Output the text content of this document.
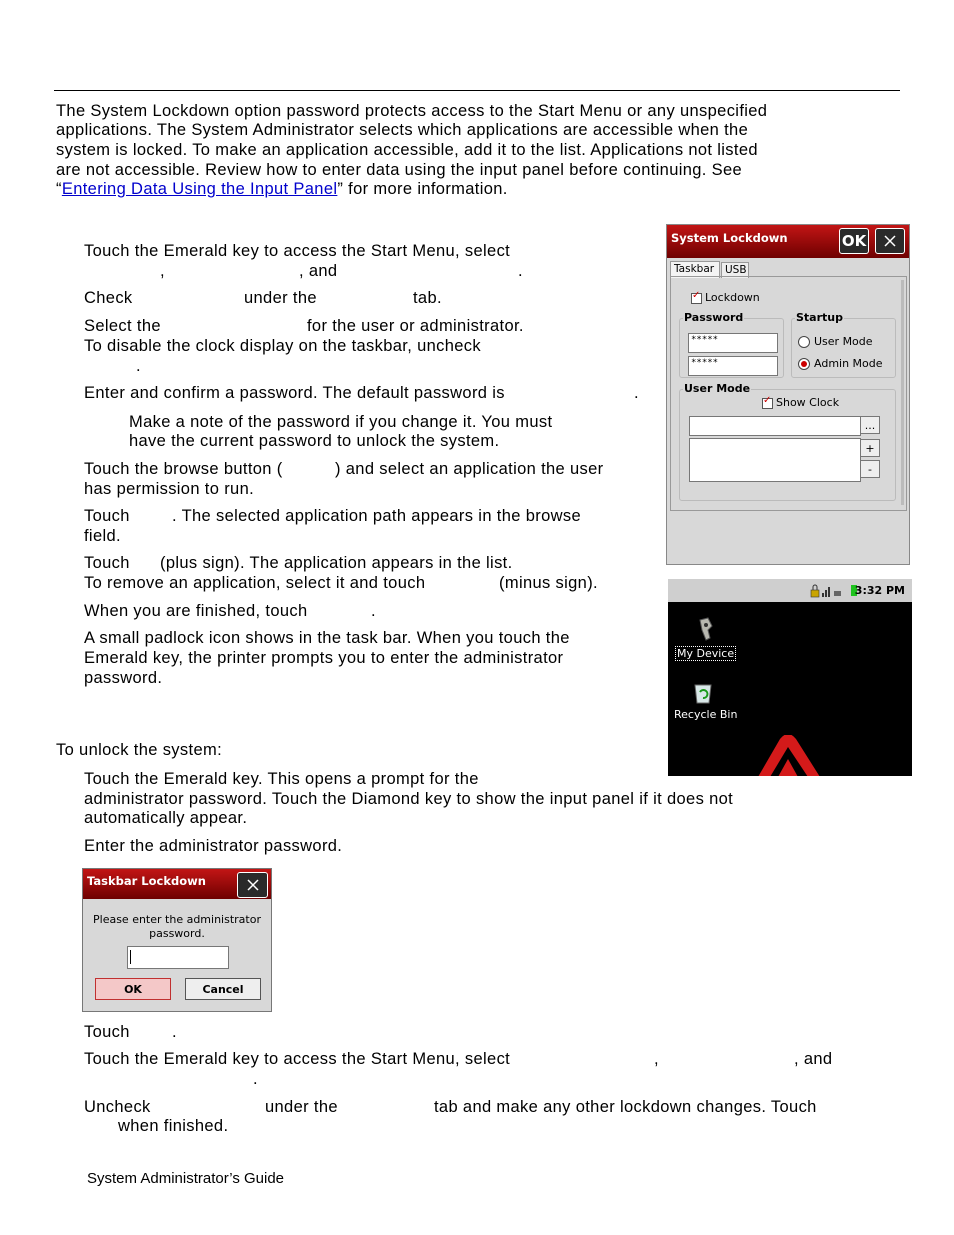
The System Lockdown option password protects access to the Start Menu or any unspecified
applications. The System Administrator selects which applications are accessible when the
system is locked. To make an application accessible, add it to the list. Applications not listed
are not accessible. Review how to enter data using the input panel before continuing. See
“Entering Data Using the Input Panel” for more information.
Touch the Emerald key to access the Start Menu, select
,	, and	.
Check	under the	tab.
Select the	for the user or administrator.
To disable the clock display on the taskbar, uncheck
.
Enter and confirm a password. The default password is	.
Make a note of the password if you change it. You must
have the current password to unlock the system.
Touch the browse button (	) and select an application the user
has permission to run.
Touch	. The selected application path appears in the browse
field.
Touch (plus sign). The application appears in the list.
To remove an application, select it and touch	(minus sign).
When you are finished, touch	.
A small padlock icon shows in the task bar. When you touch the
Emerald key, the printer prompts you to enter the administrator
password.
To unlock the system:
Touch the Emerald key. This opens a prompt for the
administrator password. Touch the Diamond key to show the input panel if it does not
automatically appear.
Enter the administrator password.
Touch	.
Touch the Emerald key to access the Start Menu, select	,	, and
.
Uncheck	under the	tab and make any other lockdown changes. Touch
when finished.
System Lockdown	OK
Taskbar	USB
✓Lockdown
Password
*****
*****
Startup
User Mode
Admin Mode
User Mode
✓Show Clock
...
+
-
3:32 PM
My Device
Recycle Bin
Taskbar Lockdown
Please enter the administrator
password.
OK	Cancel
System Administrator’s Guide
